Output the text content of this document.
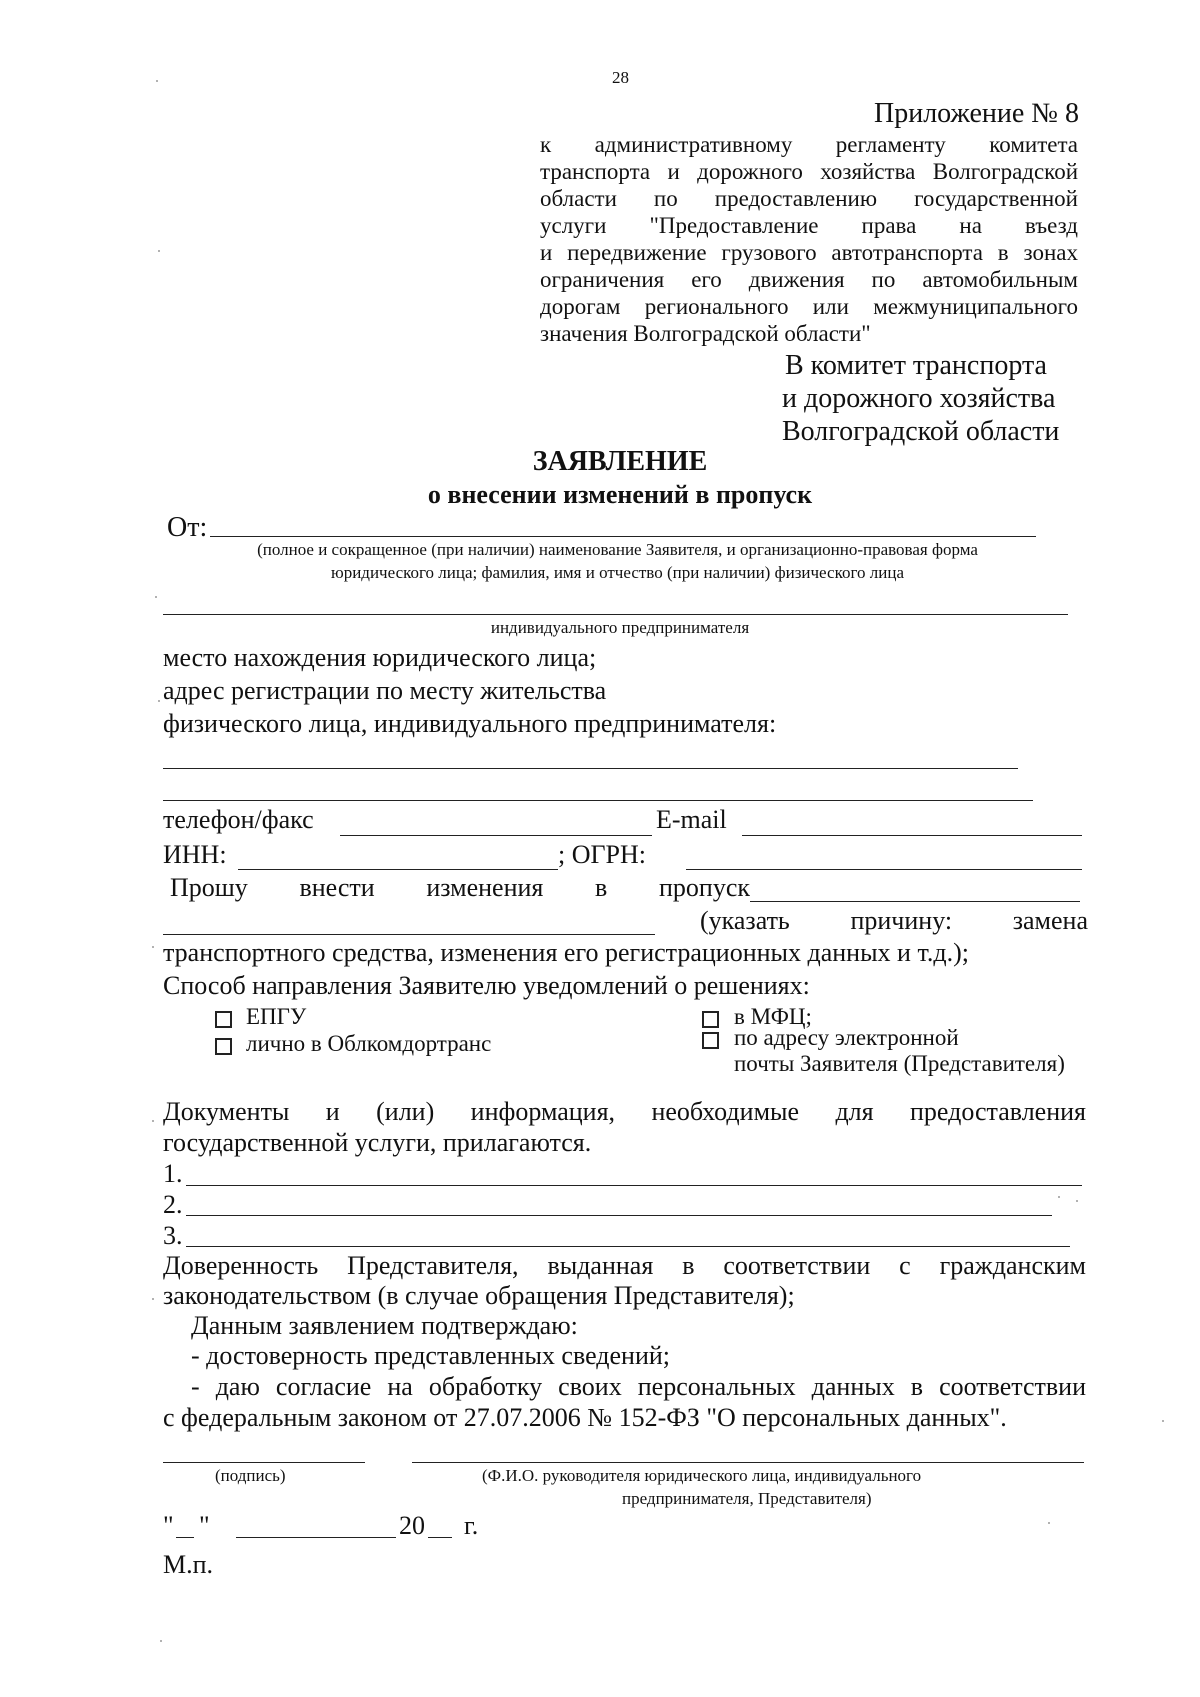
28
Приложение № 8
к административному регламенту комитета
транспорта и дорожного хозяйства Волгоградской
области по предоставлению государственной
услуги "Предоставление права на въезд
и передвижение грузового автотранспорта в зонах
ограничения его движения по автомобильным
дорогам регионального или межмуниципального
значения Волгоградской области"
В комитет транспорта
и дорожного хозяйства
Волгоградской области
ЗАЯВЛЕНИЕ
о внесении изменений в пропуск
От:
(полное и сокращенное (при наличии) наименование Заявителя, и организационно-правовая форма
юридического лица; фамилия, имя и отчество (при наличии) физического лица
индивидуального предпринимателя
место нахождения юридического лица;
адрес регистрации по месту жительства
физического лица, индивидуального предпринимателя:
телефон/факс	E-mail
ИНН:	; ОГРН:
Прошу внести изменения в пропуск
(указать причину: замена
транспортного средства, изменения его регистрационных данных и т.д.);
Способ направления Заявителю уведомлений о решениях:
ЕПГУ
лично в Облкомдортранс
в МФЦ;
по адресу электронной
почты Заявителя (Представителя)
Документы и (или) информация, необходимые для предоставления
государственной услуги, прилагаются.
1.
2.
3.
Доверенность Представителя, выданная в соответствии с гражданским
законодательством (в случае обращения Представителя);
Данным заявлением подтверждаю:
- достоверность представленных сведений;
- даю согласие на обработку своих персональных данных в соответствии
с федеральным законом от 27.07.2006 № 152-ФЗ "О персональных данных".
(подпись)	(Ф.И.О. руководителя юридического лица, индивидуального
предпринимателя, Представителя)
" "	20 г.
М.п.
